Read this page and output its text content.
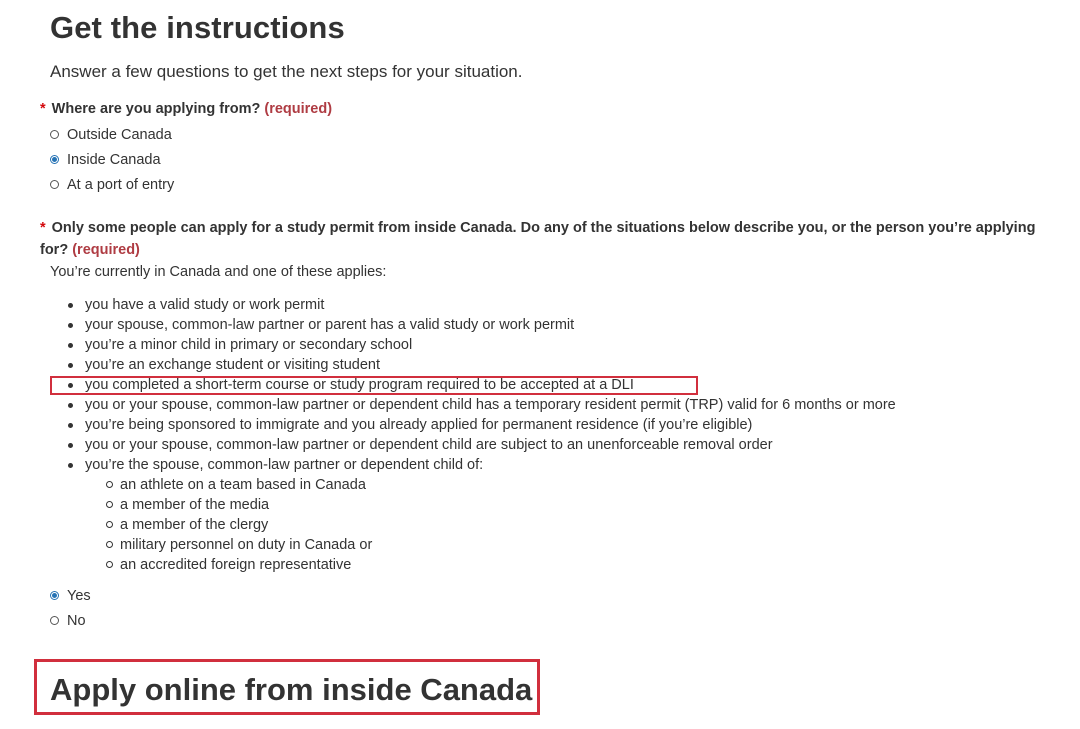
Get the instructions
Answer a few questions to get the next steps for your situation.
* Where are you applying from? (required)
Outside Canada
Inside Canada
At a port of entry
* Only some people can apply for a study permit from inside Canada. Do any of the situations below describe you, or the person you’re applying for? (required)
You’re currently in Canada and one of these applies:
you have a valid study or work permit
your spouse, common-law partner or parent has a valid study or work permit
you’re a minor child in primary or secondary school
you’re an exchange student or visiting student
you completed a short-term course or study program required to be accepted at a DLI
you or your spouse, common-law partner or dependent child has a temporary resident permit (TRP) valid for 6 months or more
you’re being sponsored to immigrate and you already applied for permanent residence (if you’re eligible)
you or your spouse, common-law partner or dependent child are subject to an unenforceable removal order
you’re the spouse, common-law partner or dependent child of:
an athlete on a team based in Canada
a member of the media
a member of the clergy
military personnel on duty in Canada or
an accredited foreign representative
Yes
No
Apply online from inside Canada
